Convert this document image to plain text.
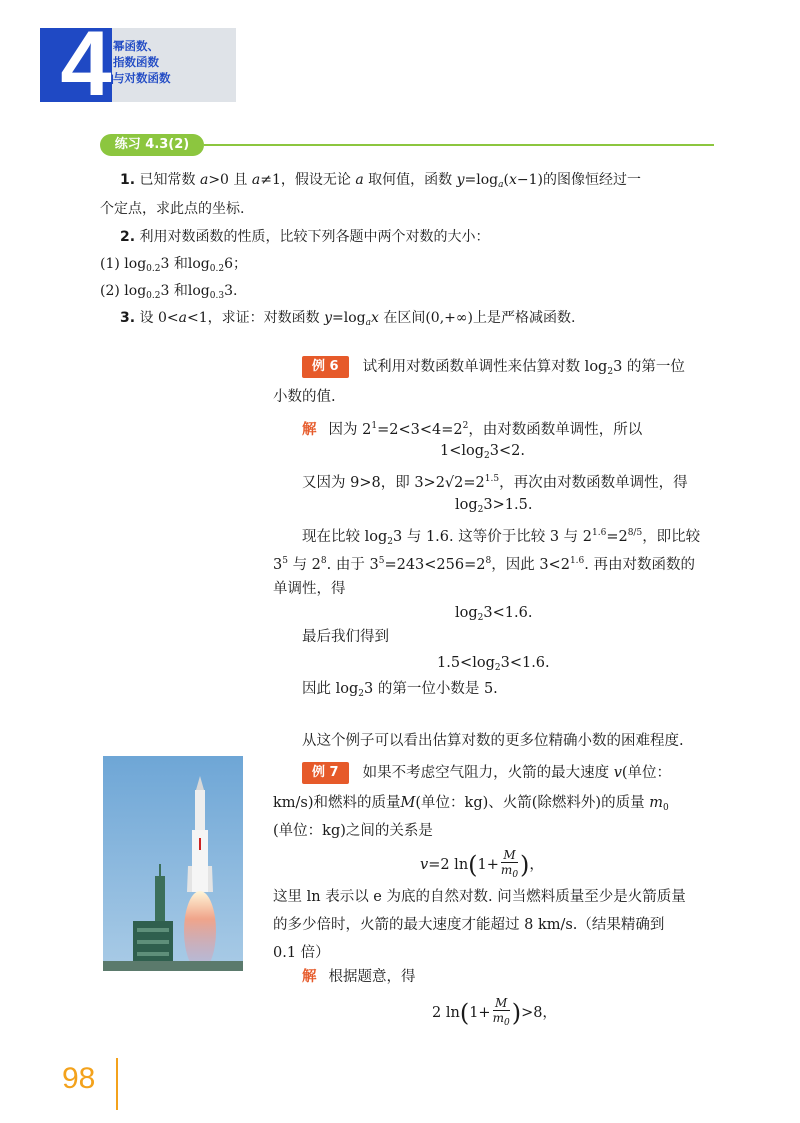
4 幂函数、
指数函数
与对数函数
练习 4.3(2)
1. 已知常数 a>0 且 a≠1，假设无论 a 取何值，函数 $y=\log_a(x-1)$的图像恒经过一
个定点，求此点的坐标.
2. 利用对数函数的性质，比较下列各题中两个对数的大小：
(1) $\log_{0.2}3$ 和$\log_{0.2}6$；
(2) $\log_{0.2}3$ 和$\log_{0.3}3$.
3. 设 0<a<1，求证：对数函数 $y=\log_ax$ 在区间(0,+∞)上是严格减函数.
例 6 试利用对数函数单调性来估算对数 $\log_23$ 的第一位
小数的值.
解 因为 $2^1=2<3<4=2^2$，由对数函数单调性，所以
$1<\log_23<2$.
又因为 9>8，即 $3>2√2=2^{1.5}$，再次由对数函数单调性，得
$\log_23>1.5$.
现在比较 $\log_23$ 与 1.6. 这等价于比较 3 与 $2^{1.6}=2^{8/5}$，即比较
$3^5$ 与 $2^8$. 由于 $3^5=243<256=2^8$，因此 $3<2^{1.6}$. 再由对数函数的
单调性，得
$\log_23<1.6$.
最后我们得到
$1.5<\log_23<1.6$.
因此 $\log_23$ 的第一位小数是 5.
从这个例子可以看出估算对数的更多位精确小数的困难程度.
例 7 如果不考虑空气阻力，火箭的最大速度 v(单位：
km/s)和燃料的质量M(单位：kg)、火箭(除燃料外)的质量 $m_0$
(单位：kg)之间的关系是
v=2 $\ln(1+ \frac{M}{m_0}$ )，
这里 ln 表示以 e 为底的自然对数. 问当燃料质量至少是火箭质量
的多少倍时，火箭的最大速度才能超过 8 km/s.（结果精确到
0.1 倍）
解 根据题意，得
2 $\ln(1+ \frac{M}{m_0} )>8$，
98
